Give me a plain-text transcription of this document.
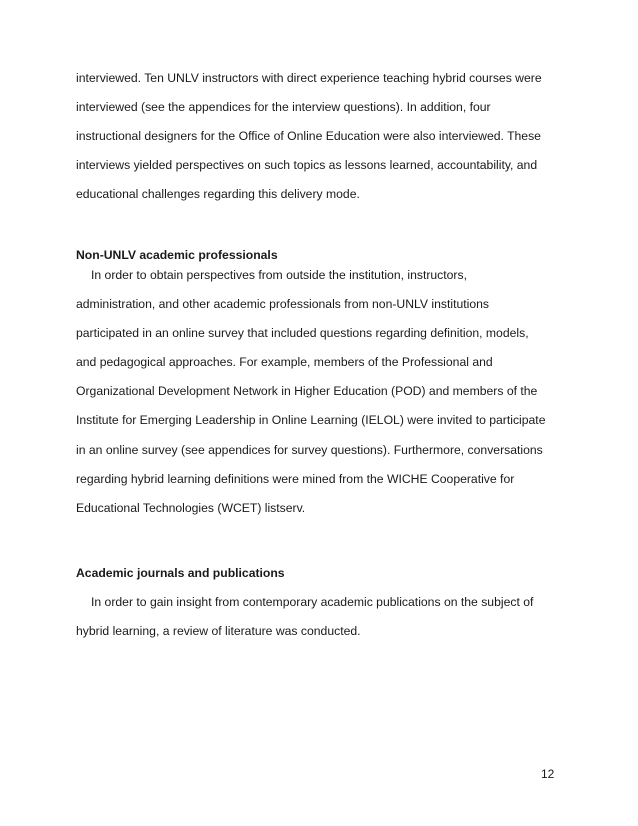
interviewed. Ten UNLV instructors with direct experience teaching hybrid courses were
interviewed (see the appendices for the interview questions). In addition, four
instructional designers for the Office of Online Education were also interviewed. These
interviews yielded perspectives on such topics as lessons learned, accountability, and
educational challenges regarding this delivery mode.
Non-UNLV academic professionals
In order to obtain perspectives from outside the institution, instructors,
administration, and other academic professionals from non-UNLV institutions
participated in an online survey that included questions regarding definition, models,
and pedagogical approaches. For example, members of the Professional and
Organizational Development Network in Higher Education (POD) and members of the
Institute for Emerging Leadership in Online Learning (IELOL) were invited to participate
in an online survey (see appendices for survey questions). Furthermore, conversations
regarding hybrid learning definitions were mined from the WICHE Cooperative for
Educational Technologies (WCET) listserv.
Academic journals and publications
In order to gain insight from contemporary academic publications on the subject of
hybrid learning, a review of literature was conducted.
12
